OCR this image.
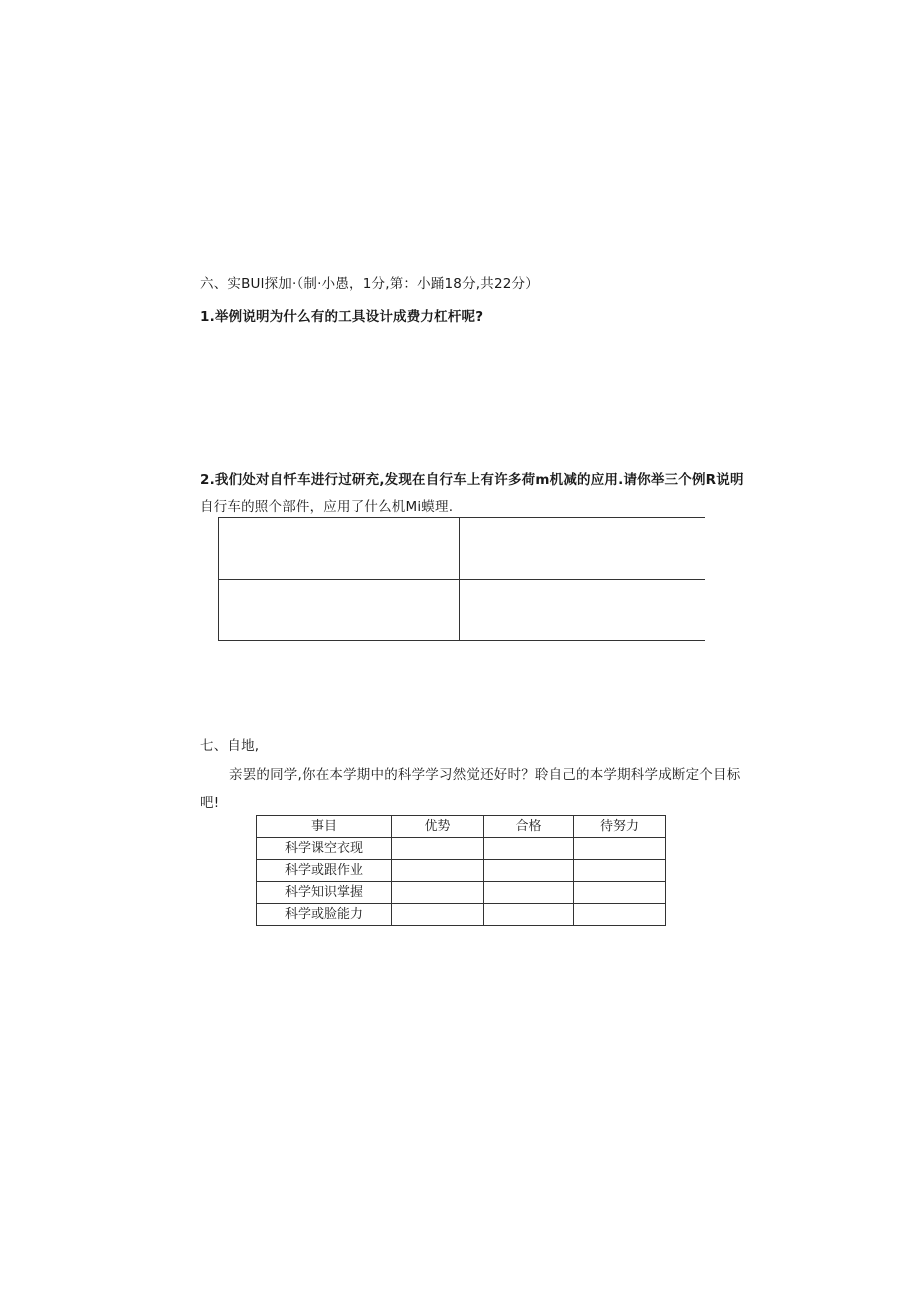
六、实BUl探加·（制·小愚，1分,第：小踊18分,共22分）
1.举例说明为什么有的工具设计成费力杠杆呢?
2.我们处对自忏车进行过研充,发现在自行车上有许多荷m机减的应用.请你举三个例R说明
自行车的照个部件，应用了什么机Mi蟆理.
七、自地,
亲罢的同学,你在本学期中的科学学习然觉还好时？聆自己的本学期科学成断定个目标
吧!
事目	优势	合格	待努力
科学课空衣现			
科学或跟作业			
科学知识掌握			
科学或脸能力			
